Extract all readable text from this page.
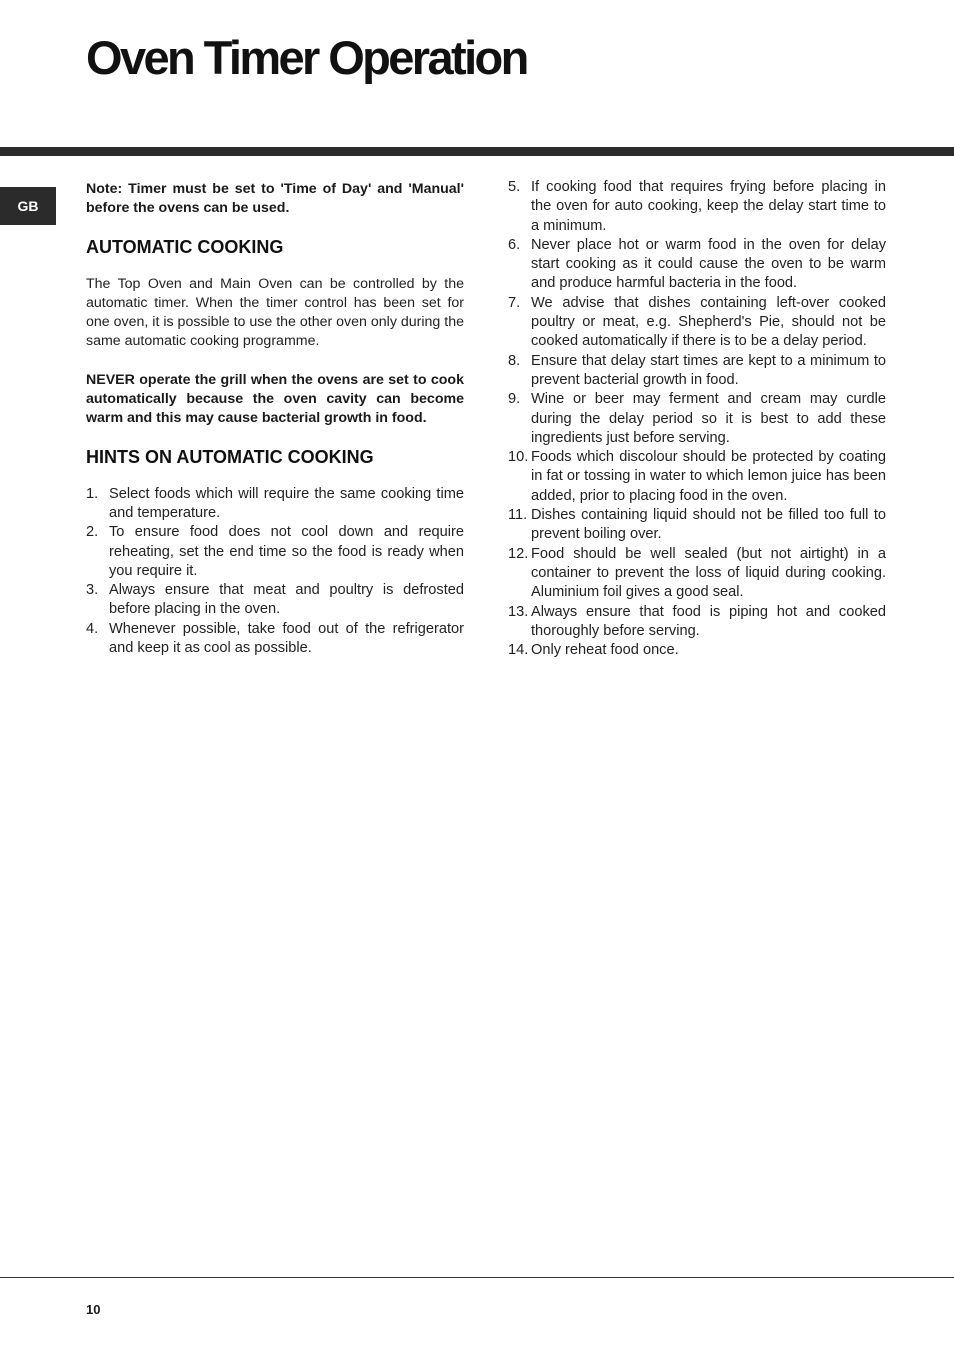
Oven Timer Operation
GB

Note: Timer must be set to 'Time of Day' and 'Manual' before the ovens can be used.

AUTOMATIC COOKING

The Top Oven and Main Oven can be controlled by the automatic timer. When the timer control has been set for one oven, it is possible to use the other oven only during the same automatic cooking programme.

NEVER operate the grill when the ovens are set to cook automatically because the oven cavity can become warm and this may cause bacterial growth in food.

HINTS ON AUTOMATIC COOKING
1. Select foods which will require the same cooking time and temperature.
2. To ensure food does not cool down and require reheating, set the end time so the food is ready when you require it.
3. Always ensure that meat and poultry is defrosted before placing in the oven.
4. Whenever possible, take food out of the refrigerator and keep it as cool as possible.
5. If cooking food that requires frying before placing in the oven for auto cooking, keep the delay start time to a minimum.
6. Never place hot or warm food in the oven for delay start cooking as it could cause the oven to be warm and produce harmful bacteria in the food.
7. We advise that dishes containing left-over cooked poultry or meat, e.g. Shepherd's Pie, should not be cooked automatically if there is to be a delay period.
8. Ensure that delay start times are kept to a minimum to prevent bacterial growth in food.
9. Wine or beer may ferment and cream may curdle during the delay period so it is best to add these ingredients just before serving.
10. Foods which discolour should be protected by coating in fat or tossing in water to which lemon juice has been added, prior to placing food in the oven.
11. Dishes containing liquid should not be filled too full to prevent boiling over.
12. Food should be well sealed (but not airtight) in a container to prevent the loss of liquid during cooking. Aluminium foil gives a good seal.
13. Always ensure that food is piping hot and cooked thoroughly before serving.
14. Only reheat food once.
10
